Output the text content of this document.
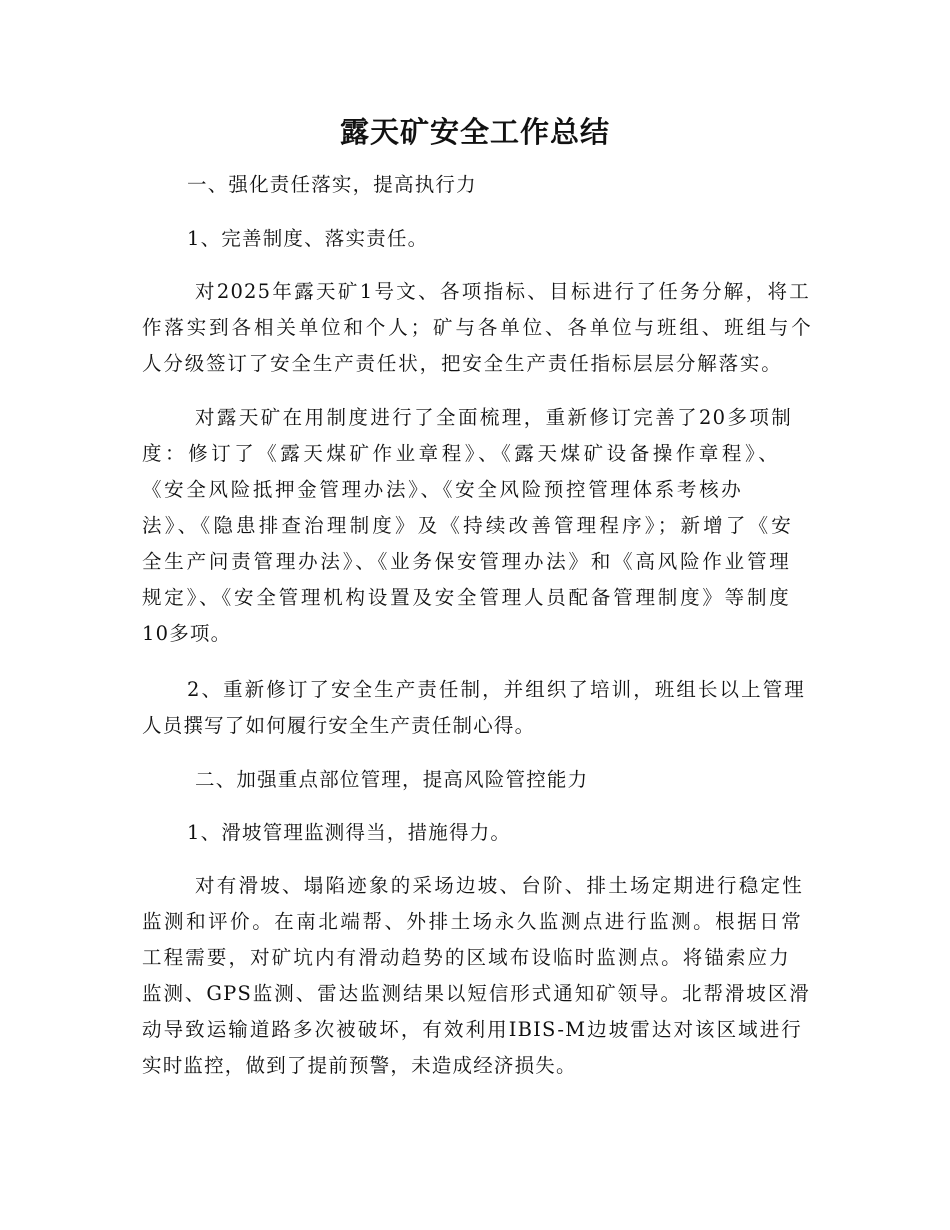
露天矿安全工作总结
一、强化责任落实，提高执行力
1、完善制度、落实责任。
对2025年露天矿1号文、各项指标、目标进行了任务分解，将工
作落实到各相关单位和个人；矿与各单位、各单位与班组、班组与个
人分级签订了安全生产责任状，把安全生产责任指标层层分解落实。
对露天矿在用制度进行了全面梳理，重新修订完善了20多项制
度：修订了《露天煤矿作业章程》、《露天煤矿设备操作章程》、
《安全风险抵押金管理办法》、《安全风险预控管理体系考核办
法》、《隐患排查治理制度》及《持续改善管理程序》；新增了《安
全生产问责管理办法》、《业务保安管理办法》和《高风险作业管理
规定》、《安全管理机构设置及安全管理人员配备管理制度》等制度
10多项。
2、重新修订了安全生产责任制，并组织了培训，班组长以上管理
人员撰写了如何履行安全生产责任制心得。
二、加强重点部位管理，提高风险管控能力
1、滑坡管理监测得当，措施得力。
对有滑坡、塌陷迹象的采场边坡、台阶、排土场定期进行稳定性
监测和评价。在南北端帮、外排土场永久监测点进行监测。根据日常
工程需要，对矿坑内有滑动趋势的区域布设临时监测点。将锚索应力
监测、GPS监测、雷达监测结果以短信形式通知矿领导。北帮滑坡区滑
动导致运输道路多次被破坏，有效利用IBIS-M边坡雷达对该区域进行
实时监控，做到了提前预警，未造成经济损失。
